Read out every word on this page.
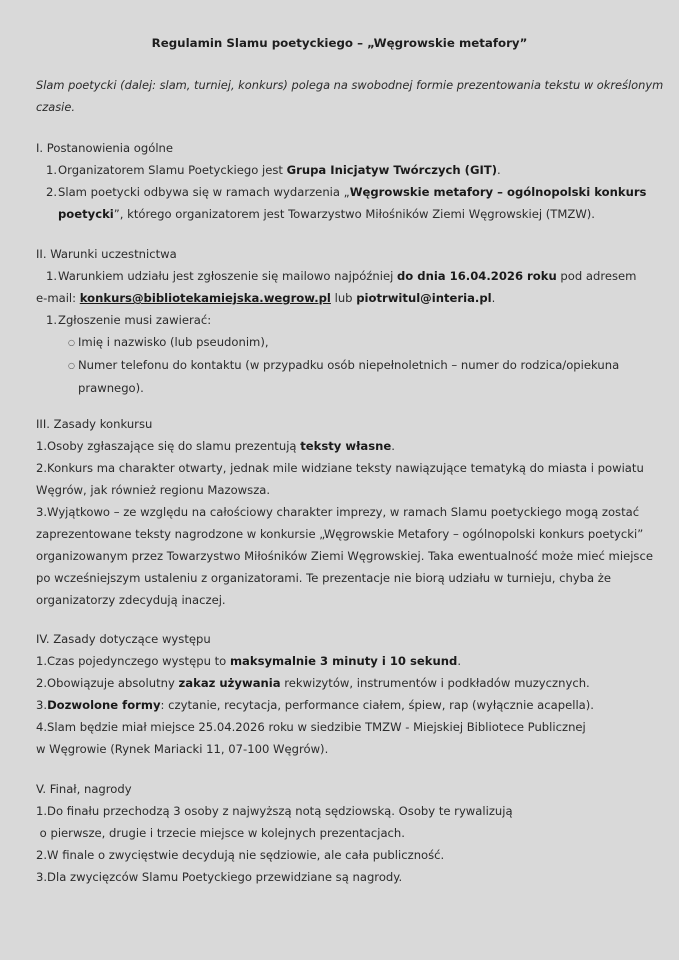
Regulamin Slamu poetyckiego – „Węgrowskie metafory”
Slam poetycki (dalej: slam, turniej, konkurs) polega na swobodnej formie prezentowania tekstu w określonym
czasie.
I. Postanowienia ogólne
1.Organizatorem Slamu Poetyckiego jest Grupa Inicjatyw Twórczych (GIT).
2.Slam poetycki odbywa się w ramach wydarzenia „Węgrowskie metafory – ogólnopolski konkurs
poetycki”, którego organizatorem jest Towarzystwo Miłośników Ziemi Węgrowskiej (TMZW).
II. Warunki uczestnictwa
1.Warunkiem udziału jest zgłoszenie się mailowo najpóźniej do dnia 16.04.2026 roku pod adresem
e-mail: konkurs@bibliotekamiejska.wegrow.pl lub piotrwitul@interia.pl.
1.Zgłoszenie musi zawierać:
○ Imię i nazwisko (lub pseudonim),
○ Numer telefonu do kontaktu (w przypadku osób niepełnoletnich – numer do rodzica/opiekuna
prawnego).
III. Zasady konkursu
1.Osoby zgłaszające się do slamu prezentują teksty własne.
2.Konkurs ma charakter otwarty, jednak mile widziane teksty nawiązujące tematyką do miasta i powiatu
Węgrów, jak również regionu Mazowsza.
3.Wyjątkowo – ze względu na całościowy charakter imprezy, w ramach Slamu poetyckiego mogą zostać
zaprezentowane teksty nagrodzone w konkursie „Węgrowskie Metafory – ogólnopolski konkurs poetycki”
organizowanym przez Towarzystwo Miłośników Ziemi Węgrowskiej. Taka ewentualność może mieć miejsce
po wcześniejszym ustaleniu z organizatorami. Te prezentacje nie biorą udziału w turnieju, chyba że
organizatorzy zdecydują inaczej.
IV. Zasady dotyczące występu
1.Czas pojedynczego występu to maksymalnie 3 minuty i 10 sekund.
2.Obowiązuje absolutny zakaz używania rekwizytów, instrumentów i podkładów muzycznych.
3.Dozwolone formy: czytanie, recytacja, performance ciałem, śpiew, rap (wyłącznie acapella).
4.Slam będzie miał miejsce 25.04.2026 roku w siedzibie TMZW - Miejskiej Bibliotece Publicznej
w Węgrowie (Rynek Mariacki 11, 07-100 Węgrów).
V. Finał, nagrody
1.Do finału przechodzą 3 osoby z najwyższą notą sędziowską. Osoby te rywalizują
o pierwsze, drugie i trzecie miejsce w kolejnych prezentacjach.
2.W finale o zwycięstwie decydują nie sędziowie, ale cała publiczność.
3.Dla zwycięzców Slamu Poetyckiego przewidziane są nagrody.
